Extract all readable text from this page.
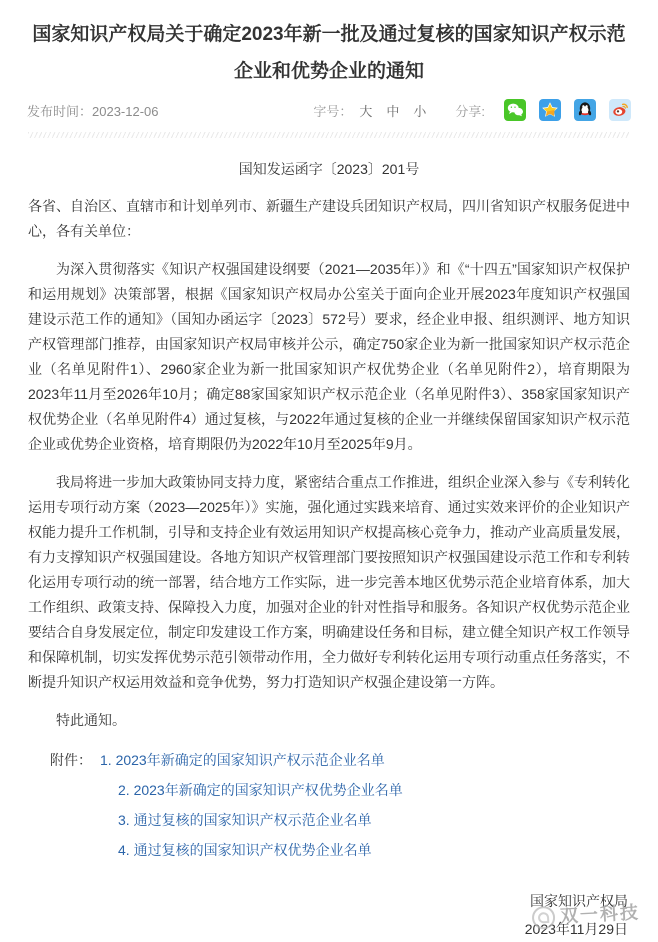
国家知识产权局关于确定2023年新一批及通过复核的国家知识产权示范企业和优势企业的通知
发布时间：2023-12-06	字号： 大 中 小 分享:
国知发运函字〔2023〕201号

各省、自治区、直辖市和计划单列市、新疆生产建设兵团知识产权局，四川省知识产权服务促进中心，各有关单位：

为深入贯彻落实《知识产权强国建设纲要（2021—2035年）》和《“十四五”国家知识产权保护和运用规划》决策部署，根据《国家知识产权局办公室关于面向企业开展2023年度知识产权强国建设示范工作的通知》（国知办函运字〔2023〕572号）要求，经企业申报、组织测评、地方知识产权管理部门推荐，由国家知识产权局审核并公示，确定750家企业为新一批国家知识产权示范企业（名单见附件1）、2960家企业为新一批国家知识产权优势企业（名单见附件2），培育期限为2023年11月至2026年10月；确定88家国家知识产权示范企业（名单见附件3）、358家国家知识产权优势企业（名单见附件4）通过复核，与2022年通过复核的企业一并继续保留国家知识产权示范企业或优势企业资格，培育期限仍为2022年10月至2025年9月。

我局将进一步加大政策协同支持力度，紧密结合重点工作推进，组织企业深入参与《专利转化运用专项行动方案（2023—2025年）》实施，强化通过实践来培育、通过实效来评价的企业知识产权能力提升工作机制，引导和支持企业有效运用知识产权提高核心竞争力，推动产业高质量发展，有力支撑知识产权强国建设。各地方知识产权管理部门要按照知识产权强国建设示范工作和专利转化运用专项行动的统一部署，结合地方工作实际，进一步完善本地区优势示范企业培育体系，加大工作组织、政策支持、保障投入力度，加强对企业的针对性指导和服务。各知识产权优势示范企业要结合自身发展定位，制定印发建设工作方案，明确建设任务和目标，建立健全知识产权工作领导和保障机制，切实发挥优势示范引领带动作用，全力做好专利转化运用专项行动重点任务落实，不断提升知识产权运用效益和竞争优势，努力打造知识产权强企建设第一方阵。

特此通知。

附件： 1. 2023年新确定的国家知识产权示范企业名单
2. 2023年新确定的国家知识产权优势企业名单
3. 通过复核的国家知识产权示范企业名单
4. 通过复核的国家知识产权优势企业名单
国家知识产权局
2023年11月29日
双一科技
